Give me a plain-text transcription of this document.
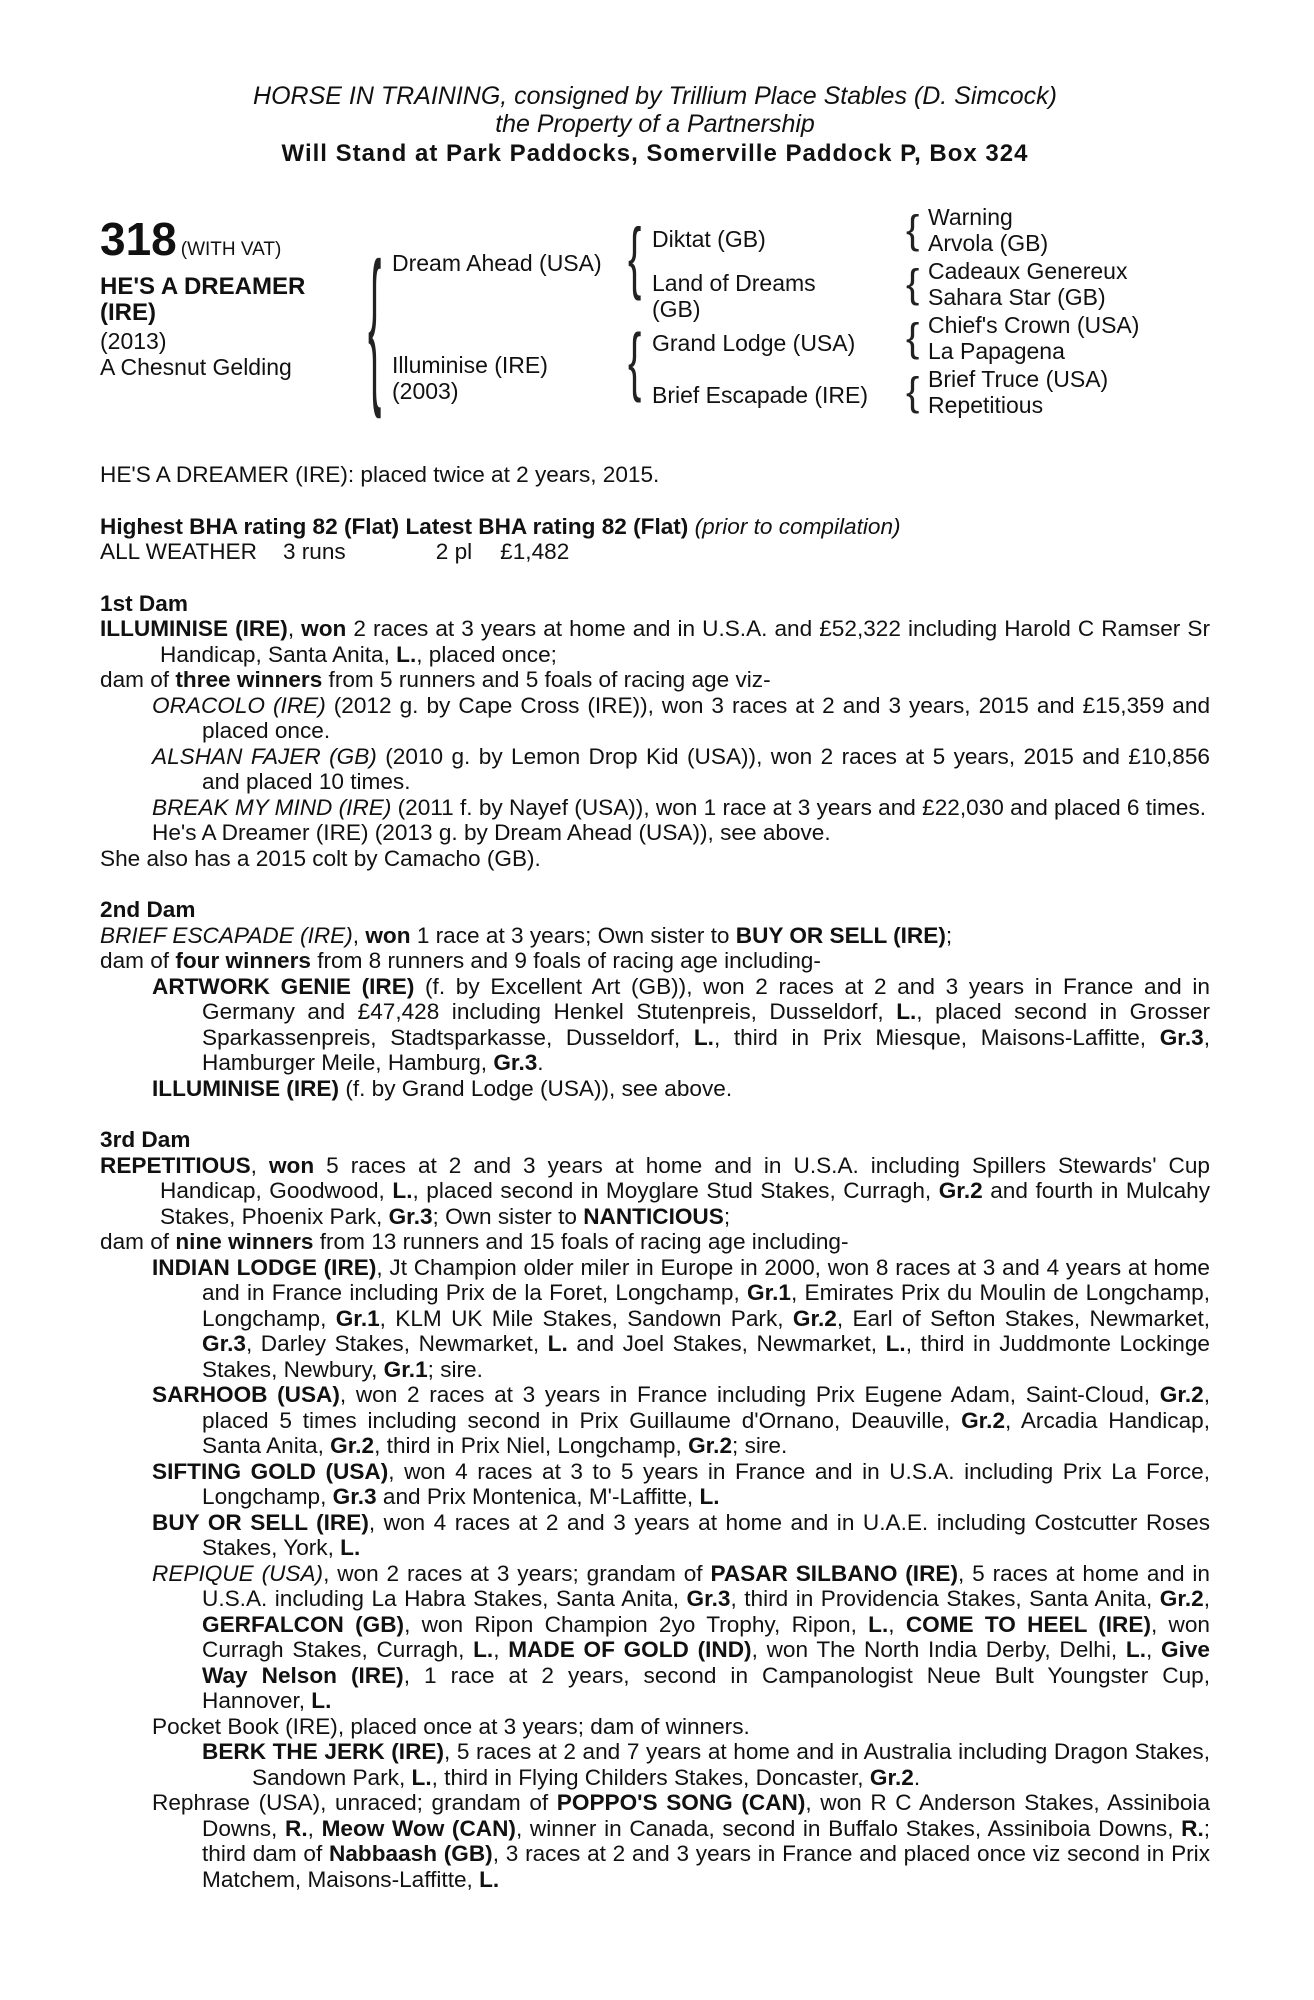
HORSE IN TRAINING, consigned by Trillium Place Stables (D. Simcock)
the Property of a Partnership
Will Stand at Park Paddocks, Somerville Paddock P, Box 324
318 (WITH VAT)
HE'S A DREAMER
(IRE)
(2013)
A Chesnut Gelding { Dream Ahead (USA)
Illuminise (IRE)
(2003)
{ Diktat (GB)
Land of Dreams
(GB)
{ Grand Lodge (USA)
Brief Escapade (IRE)
{ Warning
Arvola (GB)
{ Cadeaux Genereux
Sahara Star (GB)
{ Chief's Crown (USA)
La Papagena
{ Brief Truce (USA)
Repetitious

HE'S A DREAMER (IRE): placed twice at 2 years, 2015.

Highest BHA rating 82 (Flat) Latest BHA rating 82 (Flat) (prior to compilation)

ALL WEATHER 3 runs	2 pl £1,482

1st Dam

ILLUMINISE (IRE), won 2 races at 3 years at home and in U.S.A. and £52,322 including Harold C Ramser Sr Handicap, Santa Anita, L., placed once;

dam of three winners from 5 runners and 5 foals of racing age viz-

ORACOLO (IRE) (2012 g. by Cape Cross (IRE)), won 3 races at 2 and 3 years, 2015 and £15,359 and placed once.

ALSHAN FAJER (GB) (2010 g. by Lemon Drop Kid (USA)), won 2 races at 5 years, 2015 and £10,856 and placed 10 times.

BREAK MY MIND (IRE) (2011 f. by Nayef (USA)), won 1 race at 3 years and £22,030 and placed 6 times.

He's A Dreamer (IRE) (2013 g. by Dream Ahead (USA)), see above.

She also has a 2015 colt by Camacho (GB).

2nd Dam

BRIEF ESCAPADE (IRE), won 1 race at 3 years; Own sister to BUY OR SELL (IRE);

dam of four winners from 8 runners and 9 foals of racing age including-

ARTWORK GENIE (IRE) (f. by Excellent Art (GB)), won 2 races at 2 and 3 years in France and in Germany and £47,428 including Henkel Stutenpreis, Dusseldorf, L., placed second in Grosser Sparkassenpreis, Stadtsparkasse, Dusseldorf, L., third in Prix Miesque, Maisons-Laffitte, Gr.3, Hamburger Meile, Hamburg, Gr.3.

ILLUMINISE (IRE) (f. by Grand Lodge (USA)), see above.

3rd Dam

REPETITIOUS, won 5 races at 2 and 3 years at home and in U.S.A. including Spillers Stewards' Cup Handicap, Goodwood, L., placed second in Moyglare Stud Stakes, Curragh, Gr.2 and fourth in Mulcahy Stakes, Phoenix Park, Gr.3; Own sister to NANTICIOUS;

dam of nine winners from 13 runners and 15 foals of racing age including-

INDIAN LODGE (IRE), Jt Champion older miler in Europe in 2000, won 8 races at 3 and 4 years at home and in France including Prix de la Foret, Longchamp, Gr.1, Emirates Prix du Moulin de Longchamp, Longchamp, Gr.1, KLM UK Mile Stakes, Sandown Park, Gr.2, Earl of Sefton Stakes, Newmarket, Gr.3, Darley Stakes, Newmarket, L. and Joel Stakes, Newmarket, L., third in Juddmonte Lockinge Stakes, Newbury, Gr.1; sire.

SARHOOB (USA), won 2 races at 3 years in France including Prix Eugene Adam, Saint-Cloud, Gr.2, placed 5 times including second in Prix Guillaume d'Ornano, Deauville, Gr.2, Arcadia Handicap, Santa Anita, Gr.2, third in Prix Niel, Longchamp, Gr.2; sire.

SIFTING GOLD (USA), won 4 races at 3 to 5 years in France and in U.S.A. including Prix La Force, Longchamp, Gr.3 and Prix Montenica, M'-Laffitte, L.

BUY OR SELL (IRE), won 4 races at 2 and 3 years at home and in U.A.E. including Costcutter Roses Stakes, York, L.

REPIQUE (USA), won 2 races at 3 years; grandam of PASAR SILBANO (IRE), 5 races at home and in U.S.A. including La Habra Stakes, Santa Anita, Gr.3, third in Providencia Stakes, Santa Anita, Gr.2, GERFALCON (GB), won Ripon Champion 2yo Trophy, Ripon, L., COME TO HEEL (IRE), won Curragh Stakes, Curragh, L., MADE OF GOLD (IND), won The North India Derby, Delhi, L., Give Way Nelson (IRE), 1 race at 2 years, second in Campanologist Neue Bult Youngster Cup, Hannover, L.

Pocket Book (IRE), placed once at 3 years; dam of winners.

BERK THE JERK (IRE), 5 races at 2 and 7 years at home and in Australia including Dragon Stakes, Sandown Park, L., third in Flying Childers Stakes, Doncaster, Gr.2.

Rephrase (USA), unraced; grandam of POPPO'S SONG (CAN), won R C Anderson Stakes, Assiniboia Downs, R., Meow Wow (CAN), winner in Canada, second in Buffalo Stakes, Assiniboia Downs, R.; third dam of Nabbaash (GB), 3 races at 2 and 3 years in France and placed once viz second in Prix Matchem, Maisons-Laffitte, L.
